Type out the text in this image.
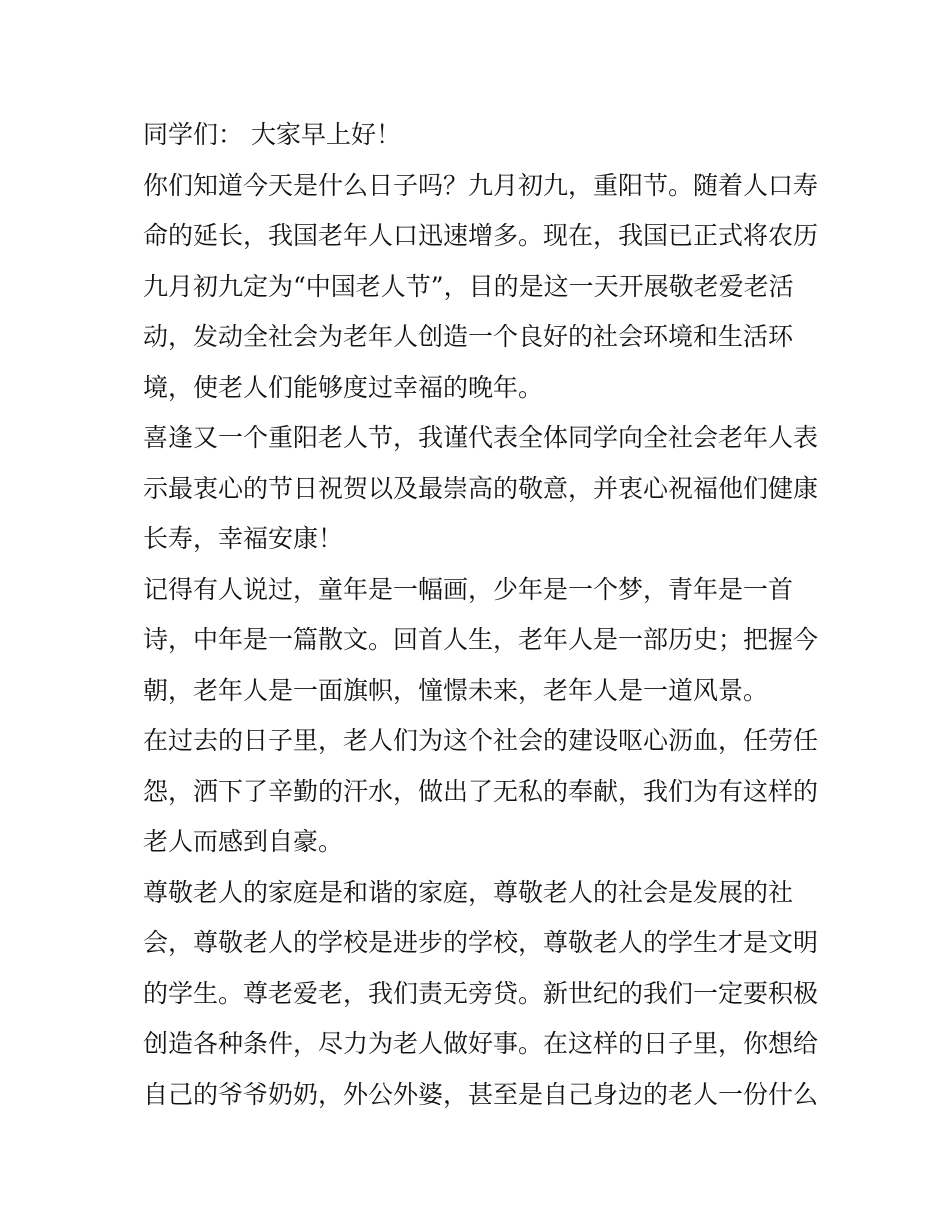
同学们： 大家早上好！
你们知道今天是什么日子吗？九月初九，重阳节。随着人口寿
命的延长，我国老年人口迅速增多。现在，我国已正式将农历
九月初九定为“中国老人节”，目的是这一天开展敬老爱老活
动，发动全社会为老年人创造一个良好的社会环境和生活环
境，使老人们能够度过幸福的晚年。
喜逢又一个重阳老人节，我谨代表全体同学向全社会老年人表
示最衷心的节日祝贺以及最崇高的敬意，并衷心祝福他们健康
长寿，幸福安康！
记得有人说过，童年是一幅画，少年是一个梦，青年是一首
诗，中年是一篇散文。回首人生，老年人是一部历史；把握今
朝，老年人是一面旗帜，憧憬未来，老年人是一道风景。
在过去的日子里，老人们为这个社会的建设呕心沥血，任劳任
怨，洒下了辛勤的汗水，做出了无私的奉献，我们为有这样的
老人而感到自豪。
尊敬老人的家庭是和谐的家庭，尊敬老人的社会是发展的社
会，尊敬老人的学校是进步的学校，尊敬老人的学生才是文明
的学生。尊老爱老，我们责无旁贷。新世纪的我们一定要积极
创造各种条件，尽力为老人做好事。在这样的日子里，你想给
自己的爷爷奶奶，外公外婆，甚至是自己身边的老人一份什么
